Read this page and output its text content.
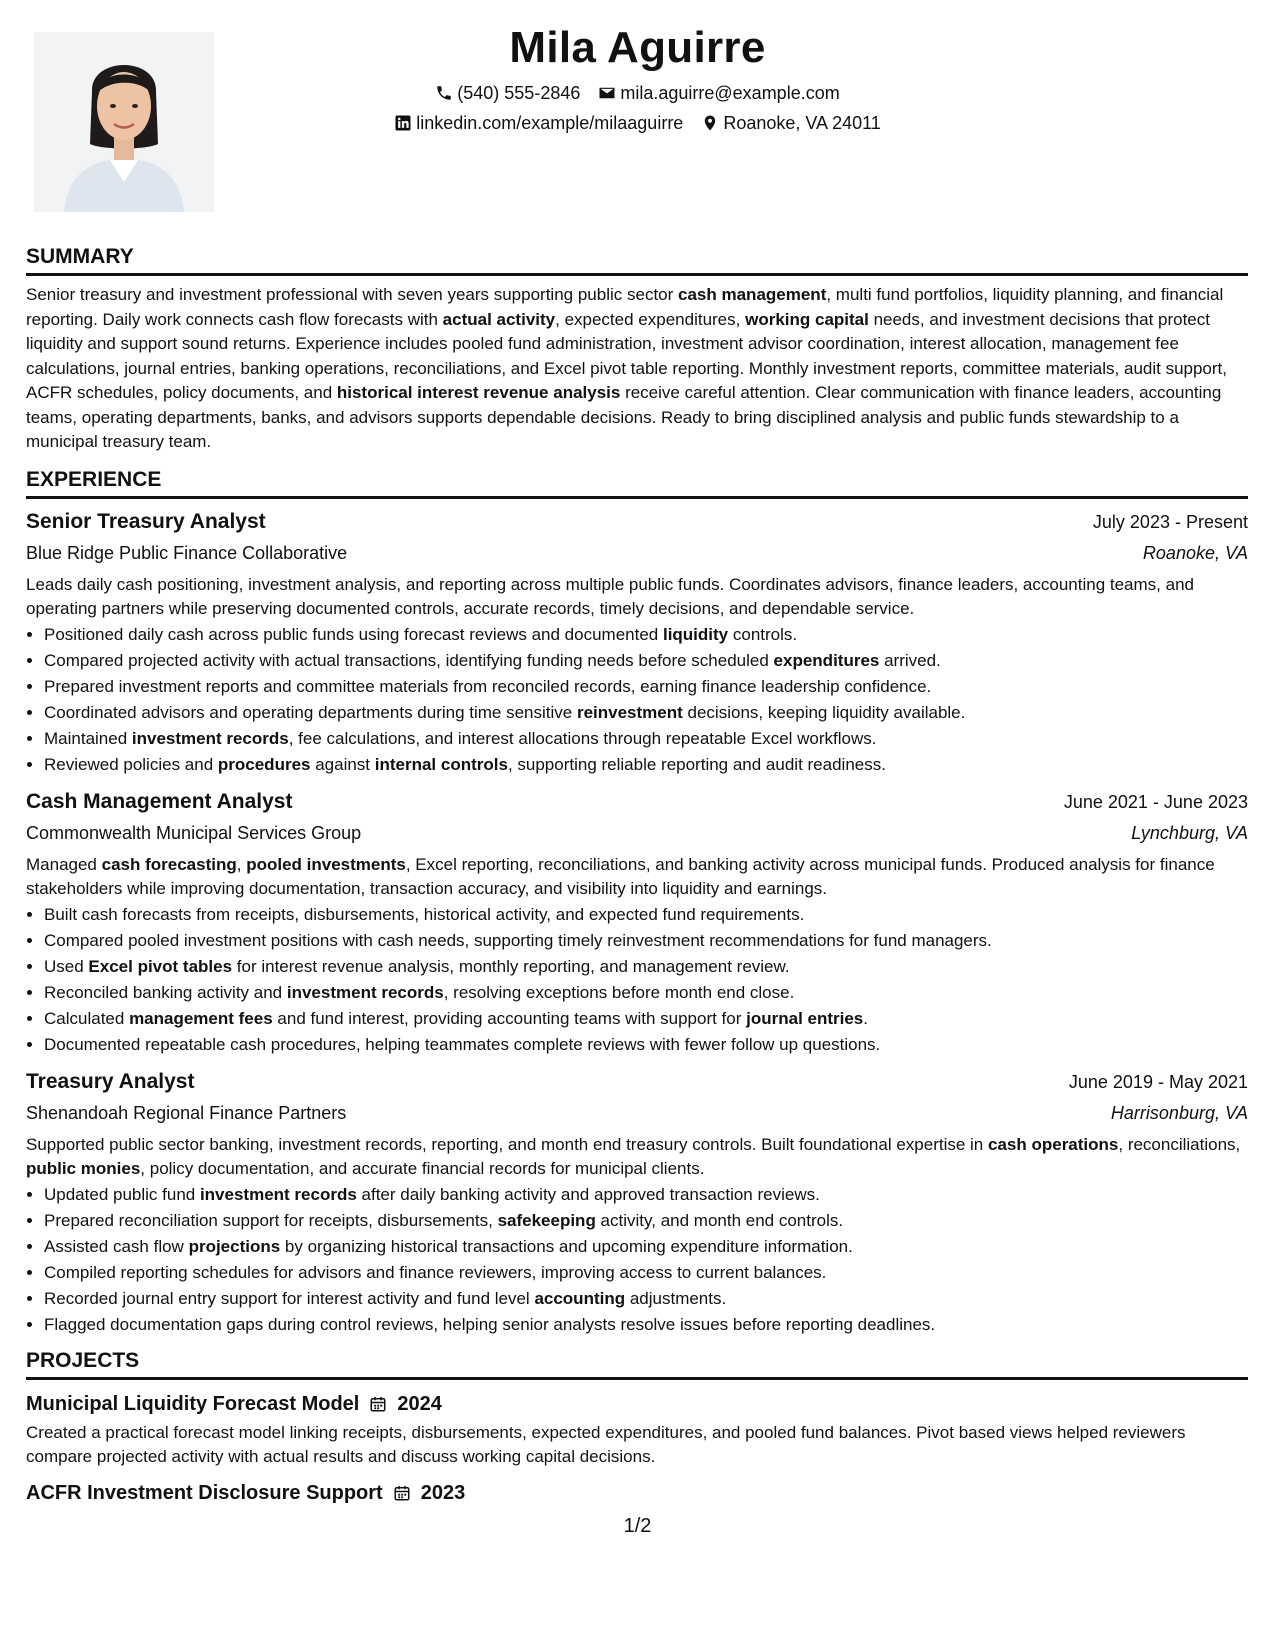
Mila Aguirre
(540) 555-2846 mila.aguirre@example.com
linkedin.com/example/milaaguirre Roanoke, VA 24011
SUMMARY

Senior treasury and investment professional with seven years supporting public sector cash management, multi fund portfolios, liquidity planning, and financial reporting. Daily work connects cash flow forecasts with actual activity, expected expenditures, working capital needs, and investment decisions that protect liquidity and support sound returns. Experience includes pooled fund administration, investment advisor coordination, interest allocation, management fee calculations, journal entries, banking operations, reconciliations, and Excel pivot table reporting. Monthly investment reports, committee materials, audit support, ACFR schedules, policy documents, and historical interest revenue analysis receive careful attention. Clear communication with finance leaders, accounting teams, operating departments, banks, and advisors supports dependable decisions. Ready to bring disciplined analysis and public funds stewardship to a municipal treasury team.

EXPERIENCE
Senior Treasury Analyst	July 2023 - Present
Blue Ridge Public Finance Collaborative	Roanoke, VA

Leads daily cash positioning, investment analysis, and reporting across multiple public funds. Coordinates advisors, finance leaders, accounting teams, and operating partners while preserving documented controls, accurate records, timely decisions, and dependable service.

• Positioned daily cash across public funds using forecast reviews and documented liquidity controls.
• Compared projected activity with actual transactions, identifying funding needs before scheduled expenditures arrived.
• Prepared investment reports and committee materials from reconciled records, earning finance leadership confidence.
• Coordinated advisors and operating departments during time sensitive reinvestment decisions, keeping liquidity available.
• Maintained investment records, fee calculations, and interest allocations through repeatable Excel workflows.
• Reviewed policies and procedures against internal controls, supporting reliable reporting and audit readiness.
Cash Management Analyst	June 2021 - June 2023
Commonwealth Municipal Services Group	Lynchburg, VA

Managed cash forecasting, pooled investments, Excel reporting, reconciliations, and banking activity across municipal funds. Produced analysis for finance stakeholders while improving documentation, transaction accuracy, and visibility into liquidity and earnings.

• Built cash forecasts from receipts, disbursements, historical activity, and expected fund requirements.
• Compared pooled investment positions with cash needs, supporting timely reinvestment recommendations for fund managers.
• Used Excel pivot tables for interest revenue analysis, monthly reporting, and management review.
• Reconciled banking activity and investment records, resolving exceptions before month end close.
• Calculated management fees and fund interest, providing accounting teams with support for journal entries.
• Documented repeatable cash procedures, helping teammates complete reviews with fewer follow up questions.
Treasury Analyst	June 2019 - May 2021
Shenandoah Regional Finance Partners	Harrisonburg, VA

Supported public sector banking, investment records, reporting, and month end treasury controls. Built foundational expertise in cash operations, reconciliations, public monies, policy documentation, and accurate financial records for municipal clients.

• Updated public fund investment records after daily banking activity and approved transaction reviews.
• Prepared reconciliation support for receipts, disbursements, safekeeping activity, and month end controls.
• Assisted cash flow projections by organizing historical transactions and upcoming expenditure information.
• Compiled reporting schedules for advisors and finance reviewers, improving access to current balances.
• Recorded journal entry support for interest activity and fund level accounting adjustments.
• Flagged documentation gaps during control reviews, helping senior analysts resolve issues before reporting deadlines.
PROJECTS
Municipal Liquidity Forecast Model 2024

Created a practical forecast model linking receipts, disbursements, expected expenditures, and pooled fund balances. Pivot based views helped reviewers compare projected activity with actual results and discuss working capital decisions.

ACFR Investment Disclosure Support 2023
1/2
